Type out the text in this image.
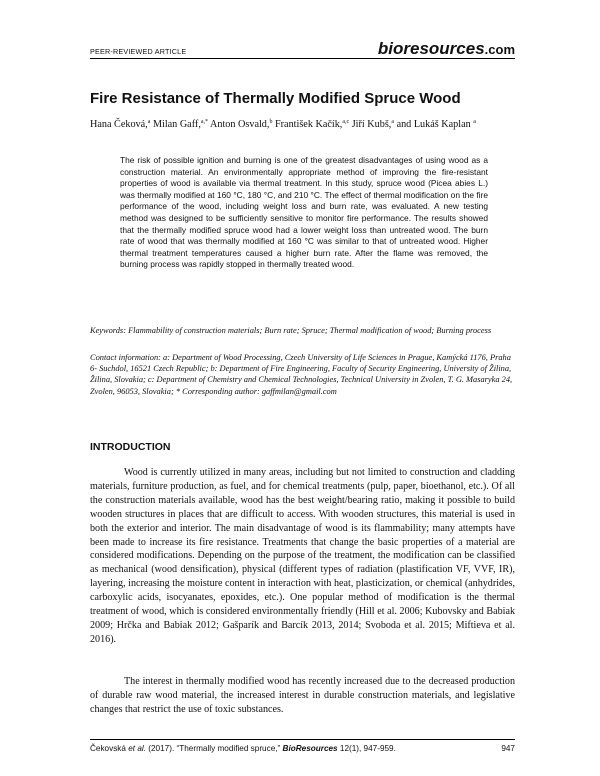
PEER-REVIEWED ARTICLE	bioresources.com
Fire Resistance of Thermally Modified Spruce Wood

Hana Čeková,$^a$ Milan Gaff,$^{a,*}$ Anton Osvald,$^b$ František Kačík,$^{a,c}$ Jiří Kubš,$^a$ and Lukáš Kaplan $^a$

The risk of possible ignition and burning is one of the greatest disadvantages of using wood as a construction material. An environmentally appropriate method of improving the fire-resistant properties of wood is available via thermal treatment. In this study, spruce wood (Picea abies L.) was thermally modified at 160 °C, 180 °C, and 210 °C. The effect of thermal modification on the fire performance of the wood, including weight loss and burn rate, was evaluated. A new testing method was designed to be sufficiently sensitive to monitor fire performance. The results showed that the thermally modified spruce wood had a lower weight loss than untreated wood. The burn rate of wood that was thermally modified at 160 °C was similar to that of untreated wood. Higher thermal treatment temperatures caused a higher burn rate. After the flame was removed, the burning process was rapidly stopped in thermally treated wood.

Keywords: Flammability of construction materials; Burn rate; Spruce; Thermal modification of wood; Burning process

Contact information: a: Department of Wood Processing, Czech University of Life Sciences in Prague, Kamýcká 1176, Praha 6- Suchdol, 16521 Czech Republic; b: Department of Fire Engineering, Faculty of Security Engineering, University of Žilina, Žilina, Slovakia; c: Department of Chemistry and Chemical Technologies, Technical University in Zvolen, T. G. Masaryka 24, Zvolen, 96053, Slovakia; * Corresponding author: gaffmilan@gmail.com

INTRODUCTION

Wood is currently utilized in many areas, including but not limited to construction and cladding materials, furniture production, as fuel, and for chemical treatments (pulp, paper, bioethanol, etc.). Of all the construction materials available, wood has the best weight/bearing ratio, making it possible to build wooden structures in places that are difficult to access. With wooden structures, this material is used in both the exterior and interior. The main disadvantage of wood is its flammability; many attempts have been made to increase its fire resistance. Treatments that change the basic properties of a material are considered modifications. Depending on the purpose of the treatment, the modification can be classified as mechanical (wood densification), physical (different types of radiation (plastification VF, VVF, IR), layering, increasing the moisture content in interaction with heat, plasticization, or chemical (anhydrides, carboxylic acids, isocyanates, epoxides, etc.). One popular method of modification is the thermal treatment of wood, which is considered environmentally friendly (Hill et al. 2006; Kubovsky and Babiak 2009; Hrčka and Babiak 2012; Gašparík and Barcík 2013, 2014; Svoboda et al. 2015; Miftieva et al. 2016).

The interest in thermally modified wood has recently increased due to the decreased production of durable raw wood material, the increased interest in durable construction materials, and legislative changes that restrict the use of toxic substances.

Čekovská et al. (2017). “Thermally modified spruce,” BioResources 12(1), 947-959.	947
